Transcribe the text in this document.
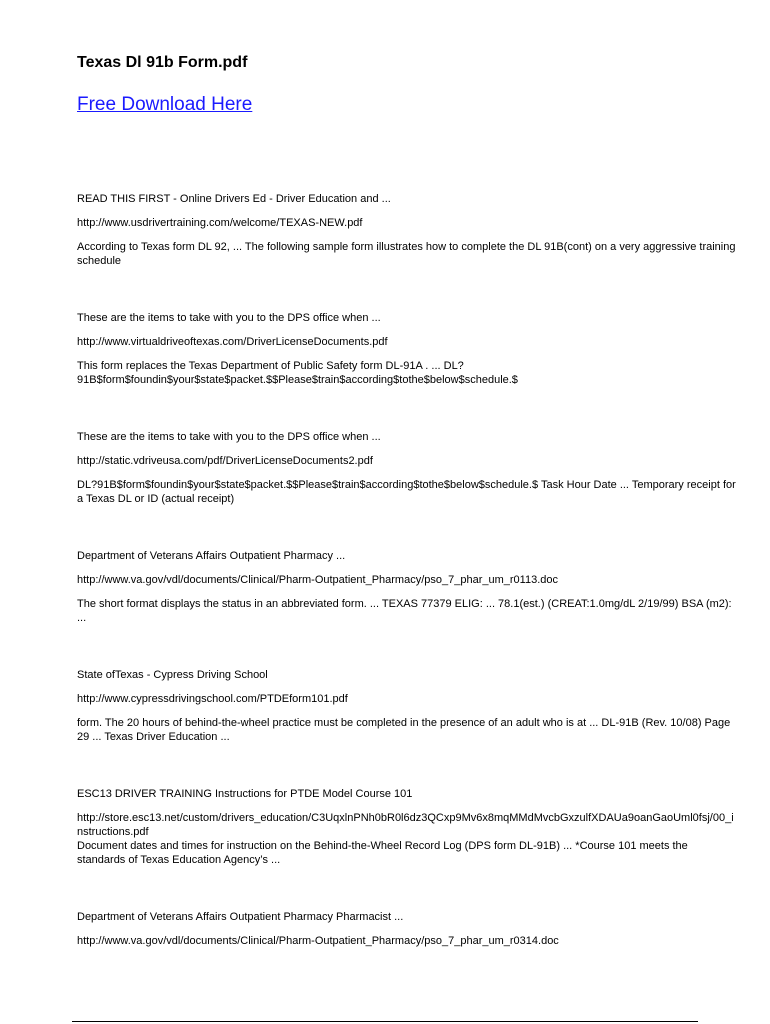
Texas Dl 91b Form.pdf
Free Download Here
READ THIS FIRST - Online Drivers Ed - Driver Education and ...
http://www.usdrivertraining.com/welcome/TEXAS-NEW.pdf
According to Texas form DL 92, ... The following sample form illustrates how to complete the DL 91B(cont) on a very aggressive training schedule
These are the items to take with you to the DPS office when ...
http://www.virtualdriveoftexas.com/DriverLicenseDocuments.pdf
This form replaces the Texas Department of Public Safety form DL-91A . ... DL?91B$form$foundin$your$state$packet.$$Please$train$according$tothe$below$schedule.$
These are the items to take with you to the DPS office when ...
http://static.vdriveusa.com/pdf/DriverLicenseDocuments2.pdf
DL?91B$form$foundin$your$state$packet.$$Please$train$according$tothe$below$schedule.$ Task Hour Date ... Temporary receipt for a Texas DL or ID (actual receipt)
Department of Veterans Affairs Outpatient Pharmacy ...
http://www.va.gov/vdl/documents/Clinical/Pharm-Outpatient_Pharmacy/pso_7_phar_um_r0113.doc
The short format displays the status in an abbreviated form. ... TEXAS 77379 ELIG: ... 78.1(est.) (CREAT:1.0mg/dL 2/19/99) BSA (m2): ...
State ofTexas - Cypress Driving School
http://www.cypressdrivingschool.com/PTDEform101.pdf
form. The 20 hours of behind-the-wheel practice must be completed in the presence of an adult who is at ... DL-91B (Rev. 10/08) Page 29 ... Texas Driver Education ...
ESC13 DRIVER TRAINING Instructions for PTDE Model Course 101
http://store.esc13.net/custom/drivers_education/C3UqxlnPNh0bR0l6dz3QCxp9Mv6x8mqMMdMvcbGxzulfXDAUa9oanGaoUml0fsj/00_instructions.pdf
Document dates and times for instruction on the Behind-the-Wheel Record Log (DPS form DL-91B) ... *Course 101 meets the standards of Texas Education Agency’s ...
Department of Veterans Affairs Outpatient Pharmacy Pharmacist ...
http://www.va.gov/vdl/documents/Clinical/Pharm-Outpatient_Pharmacy/pso_7_phar_um_r0314.doc
